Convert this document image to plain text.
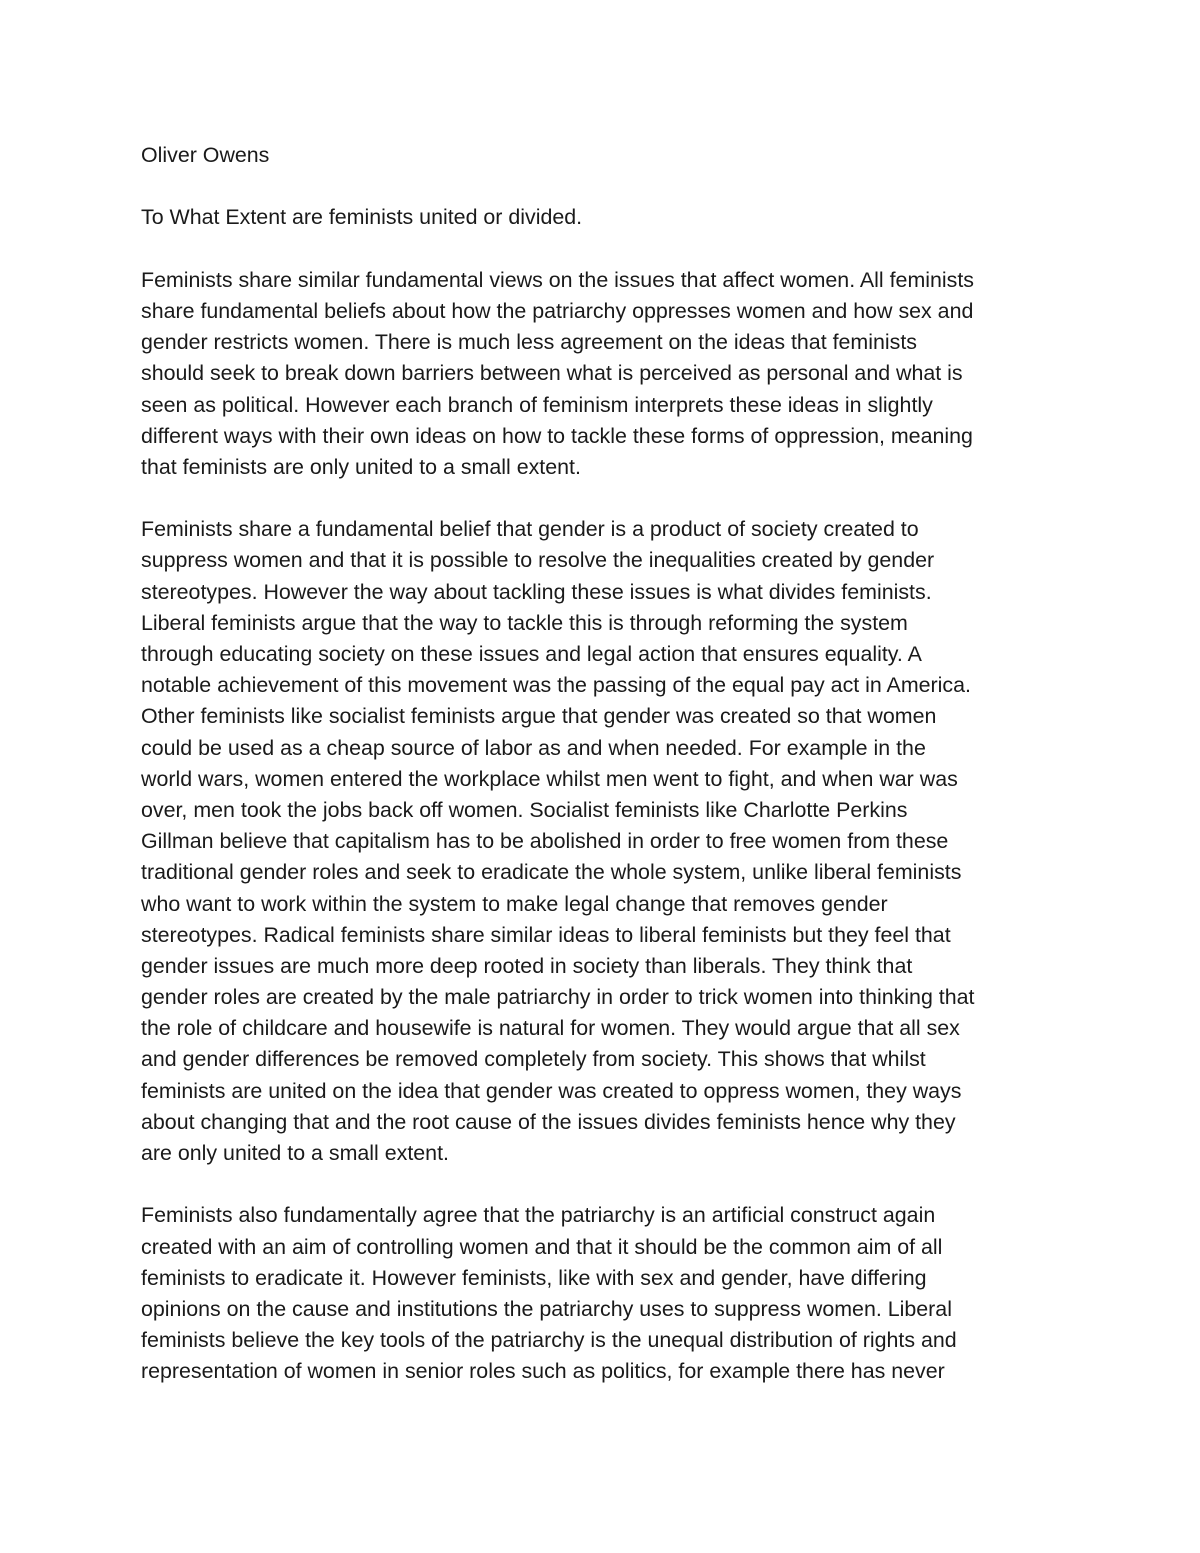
Oliver Owens
To What Extent are feminists united or divided.
Feminists share similar fundamental views on the issues that affect women. All feminists
share fundamental beliefs about how the patriarchy oppresses women and how sex and
gender restricts women. There is much less agreement on the ideas that feminists
should seek to break down barriers between what is perceived as personal and what is
seen as political. However each branch of feminism interprets these ideas in slightly
different ways with their own ideas on how to tackle these forms of oppression, meaning
that feminists are only united to a small extent.
Feminists share a fundamental belief that gender is a product of society created to
suppress women and that it is possible to resolve the inequalities created by gender
stereotypes. However the way about tackling these issues is what divides feminists.
Liberal feminists argue that the way to tackle this is through reforming the system
through educating society on these issues and legal action that ensures equality. A
notable achievement of this movement was the passing of the equal pay act in America.
Other feminists like socialist feminists argue that gender was created so that women
could be used as a cheap source of labor as and when needed. For example in the
world wars, women entered the workplace whilst men went to fight, and when war was
over, men took the jobs back off women. Socialist feminists like Charlotte Perkins
Gillman believe that capitalism has to be abolished in order to free women from these
traditional gender roles and seek to eradicate the whole system, unlike liberal feminists
who want to work within the system to make legal change that removes gender
stereotypes. Radical feminists share similar ideas to liberal feminists but they feel that
gender issues are much more deep rooted in society than liberals. They think that
gender roles are created by the male patriarchy in order to trick women into thinking that
the role of childcare and housewife is natural for women. They would argue that all sex
and gender differences be removed completely from society. This shows that whilst
feminists are united on the idea that gender was created to oppress women, they ways
about changing that and the root cause of the issues divides feminists hence why they
are only united to a small extent.
Feminists also fundamentally agree that the patriarchy is an artificial construct again
created with an aim of controlling women and that it should be the common aim of all
feminists to eradicate it. However feminists, like with sex and gender, have differing
opinions on the cause and institutions the patriarchy uses to suppress women. Liberal
feminists believe the key tools of the patriarchy is the unequal distribution of rights and
representation of women in senior roles such as politics, for example there has never
